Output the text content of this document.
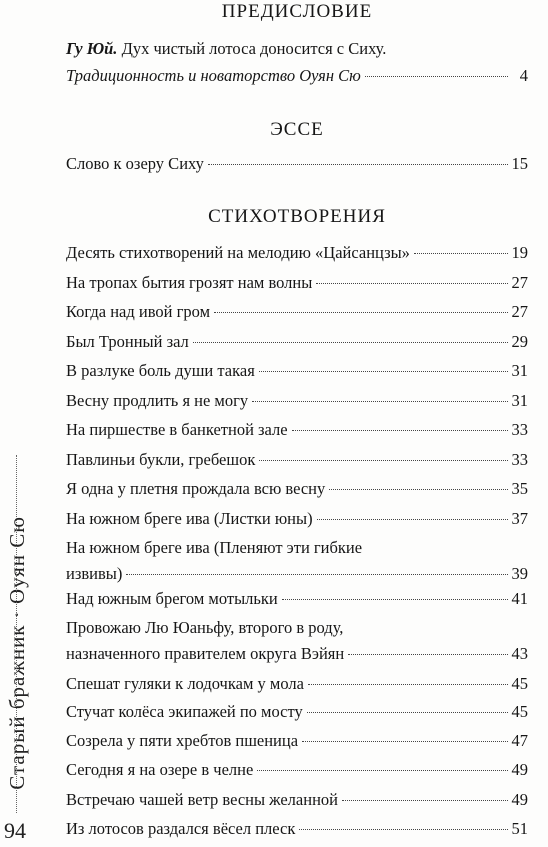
Старый бражник · Оуян Сю
94
ПРЕДИСЛОВИЕ
Гу Юй. Дух чистый лотоса доносится с Сиху.
Традиционность и новаторство Оуян Сю	4
ЭССЕ
Слово к озеру Сиху	15
СТИХОТВОРЕНИЯ
Десять стихотворений на мелодию «Цайсанцзы»	19
На тропах бытия грозят нам волны	27
Когда над ивой гром	27
Был Тронный зал	29
В разлуке боль души такая	31
Весну продлить я не могу	31
На пиршестве в банкетной зале	33
Павлиньи букли, гребешок	33
Я одна у плетня прождала всю весну	35
На южном бреге ива (Листки юны)	37
На южном бреге ива (Пленяют эти гибкие
извивы)	39
Над южным брегом мотыльки	41
Провожаю Лю Юаньфу, второго в роду,
назначенного правителем округа Вэйян	43
Спешат гуляки к лодочкам у мола	45
Стучат колёса экипажей по мосту	45
Созрела у пяти хребтов пшеница	47
Сегодня я на озере в челне	49
Встречаю чашей ветр весны желанной	49
Из лотосов раздался вёсел плеск	51
